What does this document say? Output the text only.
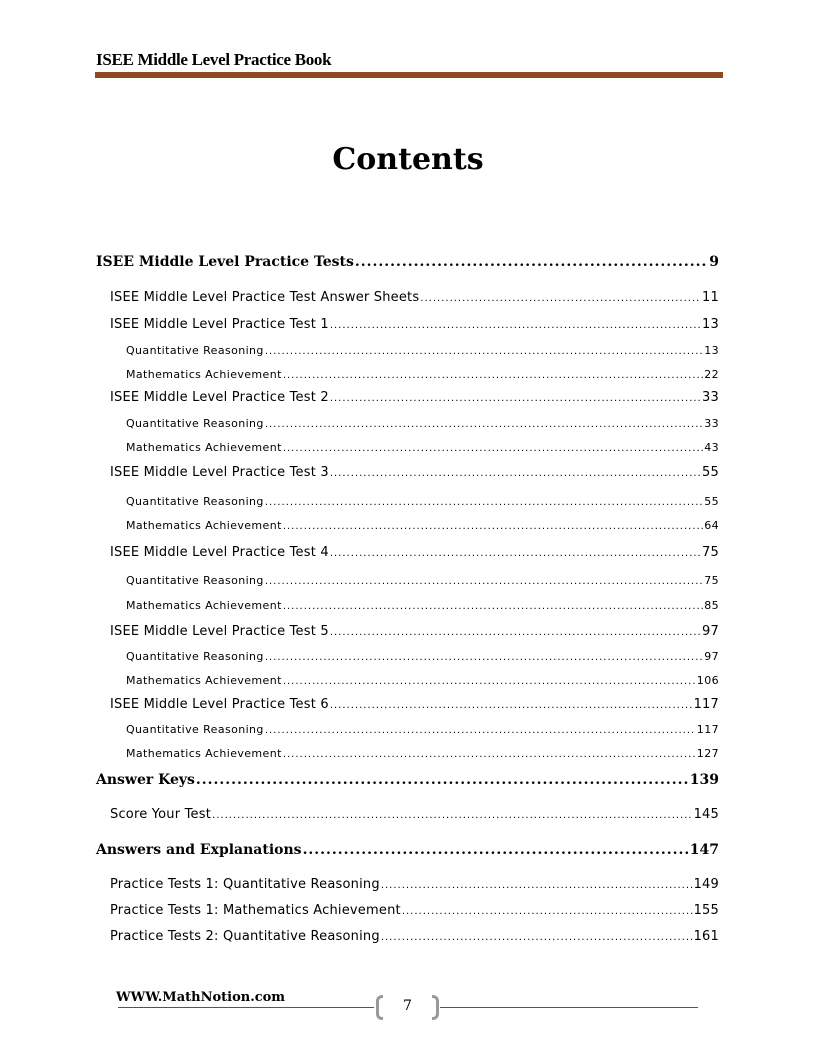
ISEE Middle Level Practice Book
Contents
ISEE Middle Level Practice Tests .....	9
ISEE Middle Level Practice Test Answer Sheets .....	11
ISEE Middle Level Practice Test 1 .....	13
Quantitative Reasoning .....	13
Mathematics Achievement .....	22
ISEE Middle Level Practice Test 2 .....	33
Quantitative Reasoning .....	33
Mathematics Achievement .....	43
ISEE Middle Level Practice Test 3 .....	55
Quantitative Reasoning .....	55
Mathematics Achievement .....	64
ISEE Middle Level Practice Test 4 .....	75
Quantitative Reasoning .....	75
Mathematics Achievement .....	85
ISEE Middle Level Practice Test 5 .....	97
Quantitative Reasoning .....	97
Mathematics Achievement .....	106
ISEE Middle Level Practice Test 6 .....	117
Quantitative Reasoning .....	117
Mathematics Achievement .....	127
Answer Keys .....	139
Score Your Test .....	145
Answers and Explanations .....	147
Practice Tests 1: Quantitative Reasoning .....	149
Practice Tests 1: Mathematics Achievement .....	155
Practice Tests 2: Quantitative Reasoning .....	161
WWW.MathNotion.com
7
